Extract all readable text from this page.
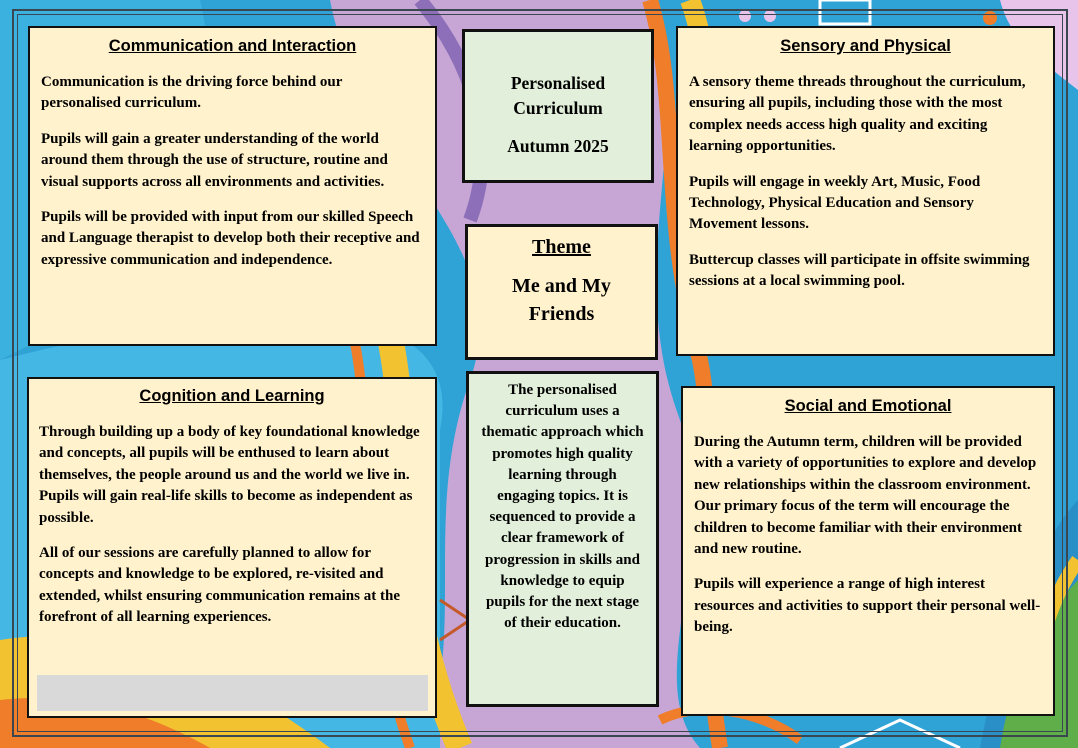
Communication and Interaction

Communication is the driving force behind our personalised curriculum.

Pupils will gain a greater understanding of the world around them through the use of structure, routine and visual supports across all environments and activities.

Pupils will be provided with input from our skilled Speech and Language therapist to develop both their receptive and expressive communication and independence.

Cognition and Learning

Through building up a body of key foundational knowledge and concepts, all pupils will be enthused to learn about themselves, the people around us and the world we live in. Pupils will gain real-life skills to become as independent as possible.

All of our sessions are carefully planned to allow for concepts and knowledge to be explored, re-visited and extended, whilst ensuring communication remains at the forefront of all learning experiences.

Personalised
Curriculum
Autumn 2025
Theme
Me and My
Friends
The personalised curriculum uses a thematic approach which promotes high quality learning through engaging topics. It is sequenced to provide a clear framework of progression in skills and knowledge to equip pupils for the next stage of their education.
Sensory and Physical

A sensory theme threads throughout the curriculum, ensuring all pupils, including those with the most complex needs access high quality and exciting learning opportunities.

Pupils will engage in weekly Art, Music, Food Technology, Physical Education and Sensory Movement lessons.

Buttercup classes will participate in offsite swimming sessions at a local swimming pool.

Social and Emotional

During the Autumn term, children will be provided with a variety of opportunities to explore and develop new relationships within the classroom environment. Our primary focus of the term will encourage the children to become familiar with their environment and new routine.

Pupils will experience a range of high interest resources and activities to support their personal well-being.
